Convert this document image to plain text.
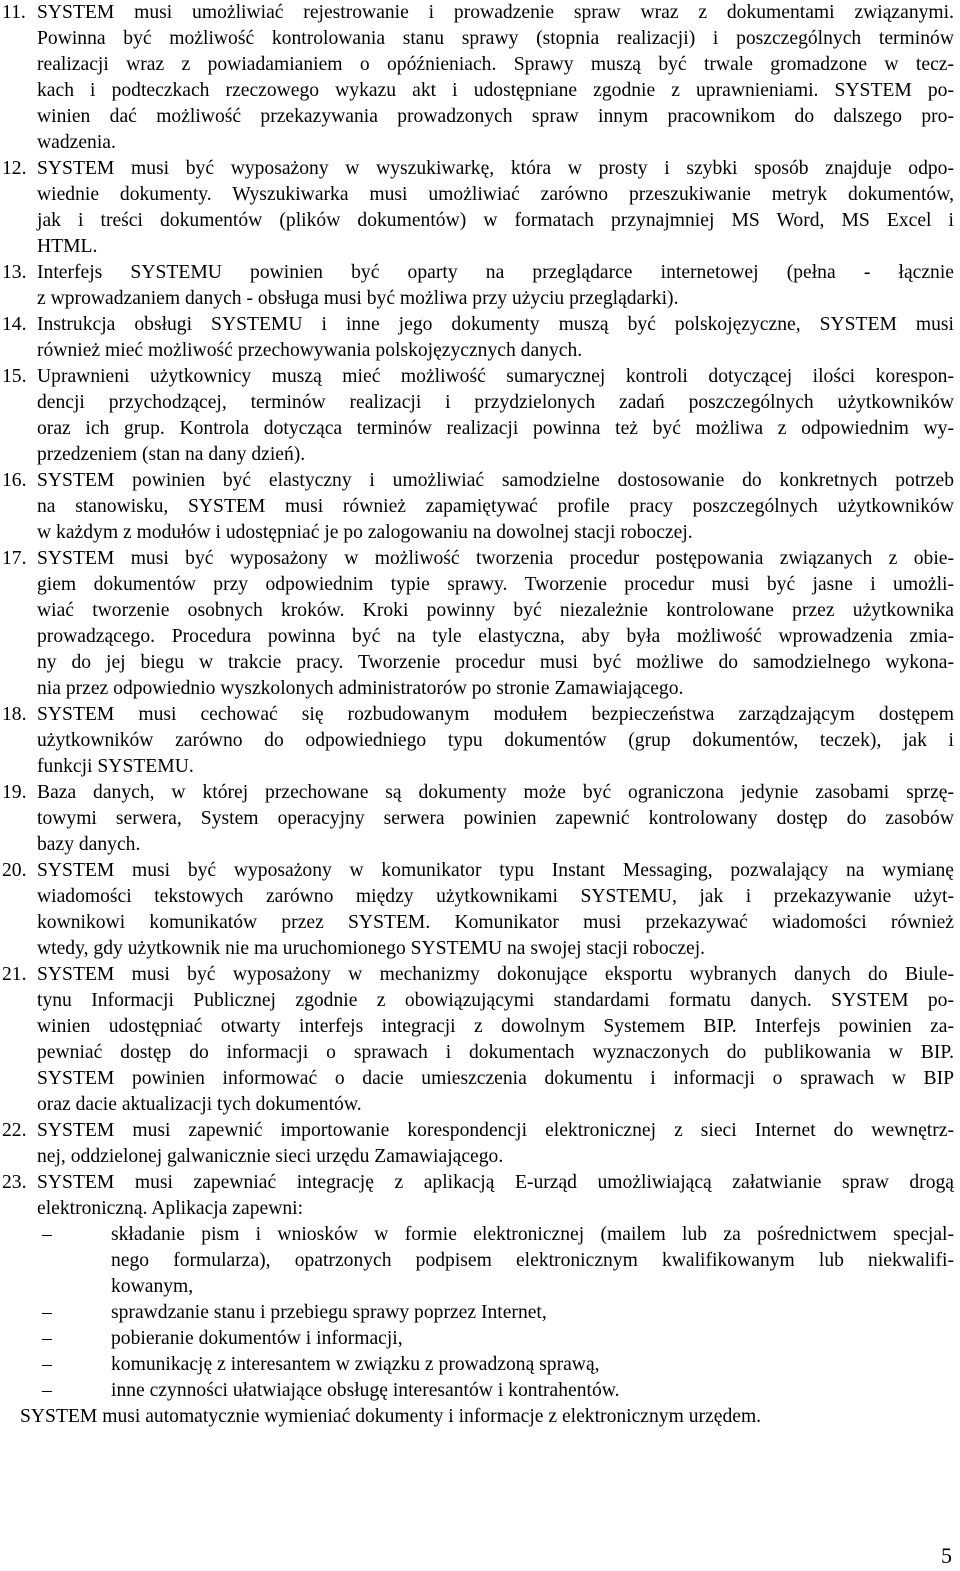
11. SYSTEM musi umożliwiać rejestrowanie i prowadzenie spraw wraz z dokumentami związanymi.
Powinna być możliwość kontrolowania stanu sprawy (stopnia realizacji) i poszczególnych terminów
realizacji wraz z powiadamianiem o opóźnieniach. Sprawy muszą być trwale gromadzone w tecz-
kach i podteczkach rzeczowego wykazu akt i udostępniane zgodnie z uprawnieniami. SYSTEM po-
winien dać możliwość przekazywania prowadzonych spraw innym pracownikom do dalszego pro-
wadzenia.
12. SYSTEM musi być wyposażony w wyszukiwarkę, która w prosty i szybki sposób znajduje odpo-
wiednie dokumenty. Wyszukiwarka musi umożliwiać zarówno przeszukiwanie metryk dokumentów,
jak i treści dokumentów (plików dokumentów) w formatach przynajmniej MS Word, MS Excel i
HTML.
13. Interfejs SYSTEMU powinien być oparty na przeglądarce internetowej (pełna - łącznie
z wprowadzaniem danych - obsługa musi być możliwa przy użyciu przeglądarki).
14. Instrukcja obsługi SYSTEMU i inne jego dokumenty muszą być polskojęzyczne, SYSTEM musi
również mieć możliwość przechowywania polskojęzycznych danych.
15. Uprawnieni użytkownicy muszą mieć możliwość sumarycznej kontroli dotyczącej ilości korespon-
dencji przychodzącej, terminów realizacji i przydzielonych zadań poszczególnych użytkowników
oraz ich grup. Kontrola dotycząca terminów realizacji powinna też być możliwa z odpowiednim wy-
przedzeniem (stan na dany dzień).
16. SYSTEM powinien być elastyczny i umożliwiać samodzielne dostosowanie do konkretnych potrzeb
na stanowisku, SYSTEM musi również zapamiętywać profile pracy poszczególnych użytkowników
w każdym z modułów i udostępniać je po zalogowaniu na dowolnej stacji roboczej.
17. SYSTEM musi być wyposażony w możliwość tworzenia procedur postępowania związanych z obie-
giem dokumentów przy odpowiednim typie sprawy. Tworzenie procedur musi być jasne i umożli-
wiać tworzenie osobnych kroków. Kroki powinny być niezależnie kontrolowane przez użytkownika
prowadzącego. Procedura powinna być na tyle elastyczna, aby była możliwość wprowadzenia zmia-
ny do jej biegu w trakcie pracy. Tworzenie procedur musi być możliwe do samodzielnego wykona-
nia przez odpowiednio wyszkolonych administratorów po stronie Zamawiającego.
18. SYSTEM musi cechować się rozbudowanym modułem bezpieczeństwa zarządzającym dostępem
użytkowników zarówno do odpowiedniego typu dokumentów (grup dokumentów, teczek), jak i
funkcji SYSTEMU.
19. Baza danych, w której przechowane są dokumenty może być ograniczona jedynie zasobami sprzę-
towymi serwera, System operacyjny serwera powinien zapewnić kontrolowany dostęp do zasobów
bazy danych.
20. SYSTEM musi być wyposażony w komunikator typu Instant Messaging, pozwalający na wymianę
wiadomości tekstowych zarówno między użytkownikami SYSTEMU, jak i przekazywanie użyt-
kownikowi komunikatów przez SYSTEM. Komunikator musi przekazywać wiadomości również
wtedy, gdy użytkownik nie ma uruchomionego SYSTEMU na swojej stacji roboczej.
21. SYSTEM musi być wyposażony w mechanizmy dokonujące eksportu wybranych danych do Biule-
tynu Informacji Publicznej zgodnie z obowiązującymi standardami formatu danych. SYSTEM po-
winien udostępniać otwarty interfejs integracji z dowolnym Systemem BIP. Interfejs powinien za-
pewniać dostęp do informacji o sprawach i dokumentach wyznaczonych do publikowania w BIP.
SYSTEM powinien informować o dacie umieszczenia dokumentu i informacji o sprawach w BIP
oraz dacie aktualizacji tych dokumentów.
22. SYSTEM musi zapewnić importowanie korespondencji elektronicznej z sieci Internet do wewnętrz-
nej, oddzielonej galwanicznie sieci urzędu Zamawiającego.
23. SYSTEM musi zapewniać integrację z aplikacją E-urząd umożliwiającą załatwianie spraw drogą
elektroniczną. Aplikacja zapewni:
–	składanie pism i wniosków w formie elektronicznej (mailem lub za pośrednictwem specjal-
nego formularza), opatrzonych podpisem elektronicznym kwalifikowanym lub niekwalifi-
kowanym,
–	sprawdzanie stanu i przebiegu sprawy poprzez Internet,
–	pobieranie dokumentów i informacji,
–	komunikację z interesantem w związku z prowadzoną sprawą,
–	inne czynności ułatwiające obsługę interesantów i kontrahentów.
SYSTEM musi automatycznie wymieniać dokumenty i informacje z elektronicznym urzędem.
5
